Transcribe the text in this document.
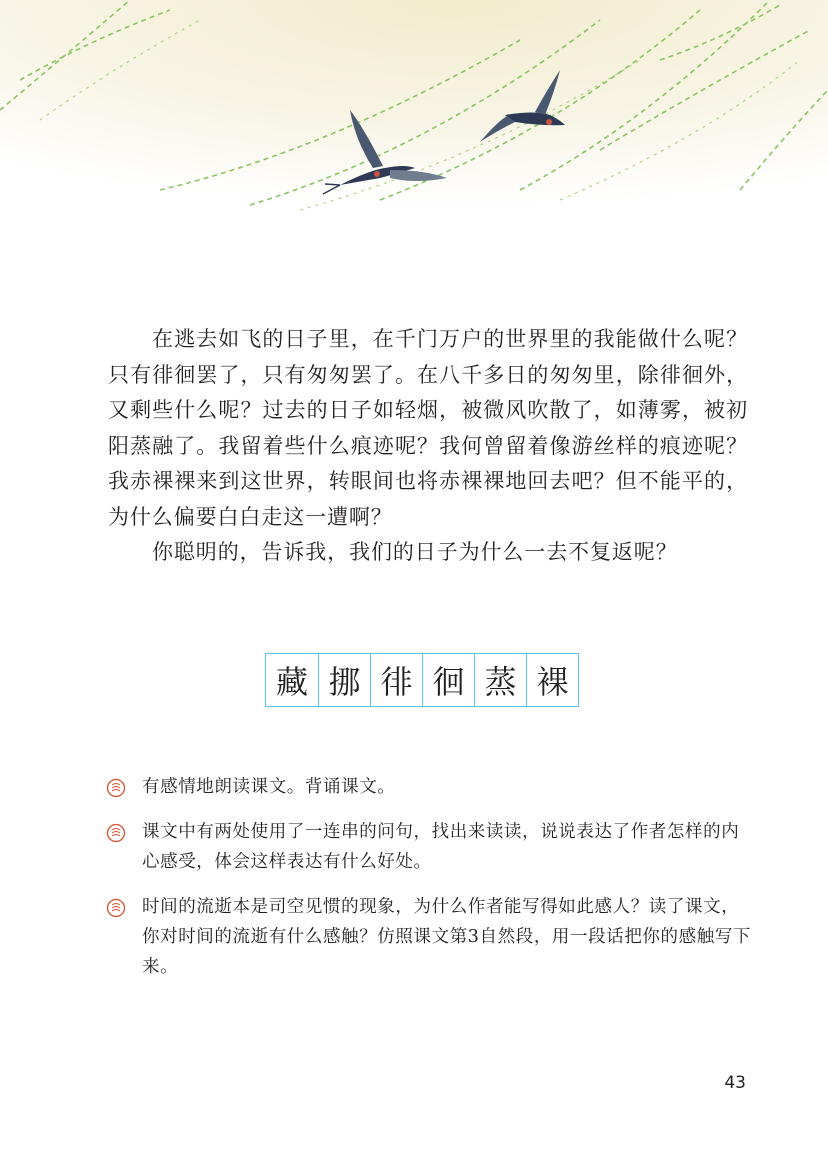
在逃去如飞的日子里，在千门万户的世界里的我能做什么呢？只有徘徊罢了，只有匆匆罢了。在八千多日的匆匆里，除徘徊外，又剩些什么呢？过去的日子如轻烟，被微风吹散了，如薄雾，被初阳蒸融了。我留着些什么痕迹呢？我何曾留着像游丝样的痕迹呢？我赤裸裸来到这世界，转眼间也将赤裸裸地回去吧？但不能平的，为什么偏要白白走这一遭啊？

你聪明的，告诉我，我们的日子为什么一去不复返呢？

藏 挪 徘 徊 蒸 裸
有感情地朗读课文。背诵课文。
课文中有两处使用了一连串的问句，找出来读读，说说表达了作者怎样的内心感受，体会这样表达有什么好处。
时间的流逝本是司空见惯的现象，为什么作者能写得如此感人？读了课文，你对时间的流逝有什么感触？仿照课文第3自然段，用一段话把你的感触写下来。
43
